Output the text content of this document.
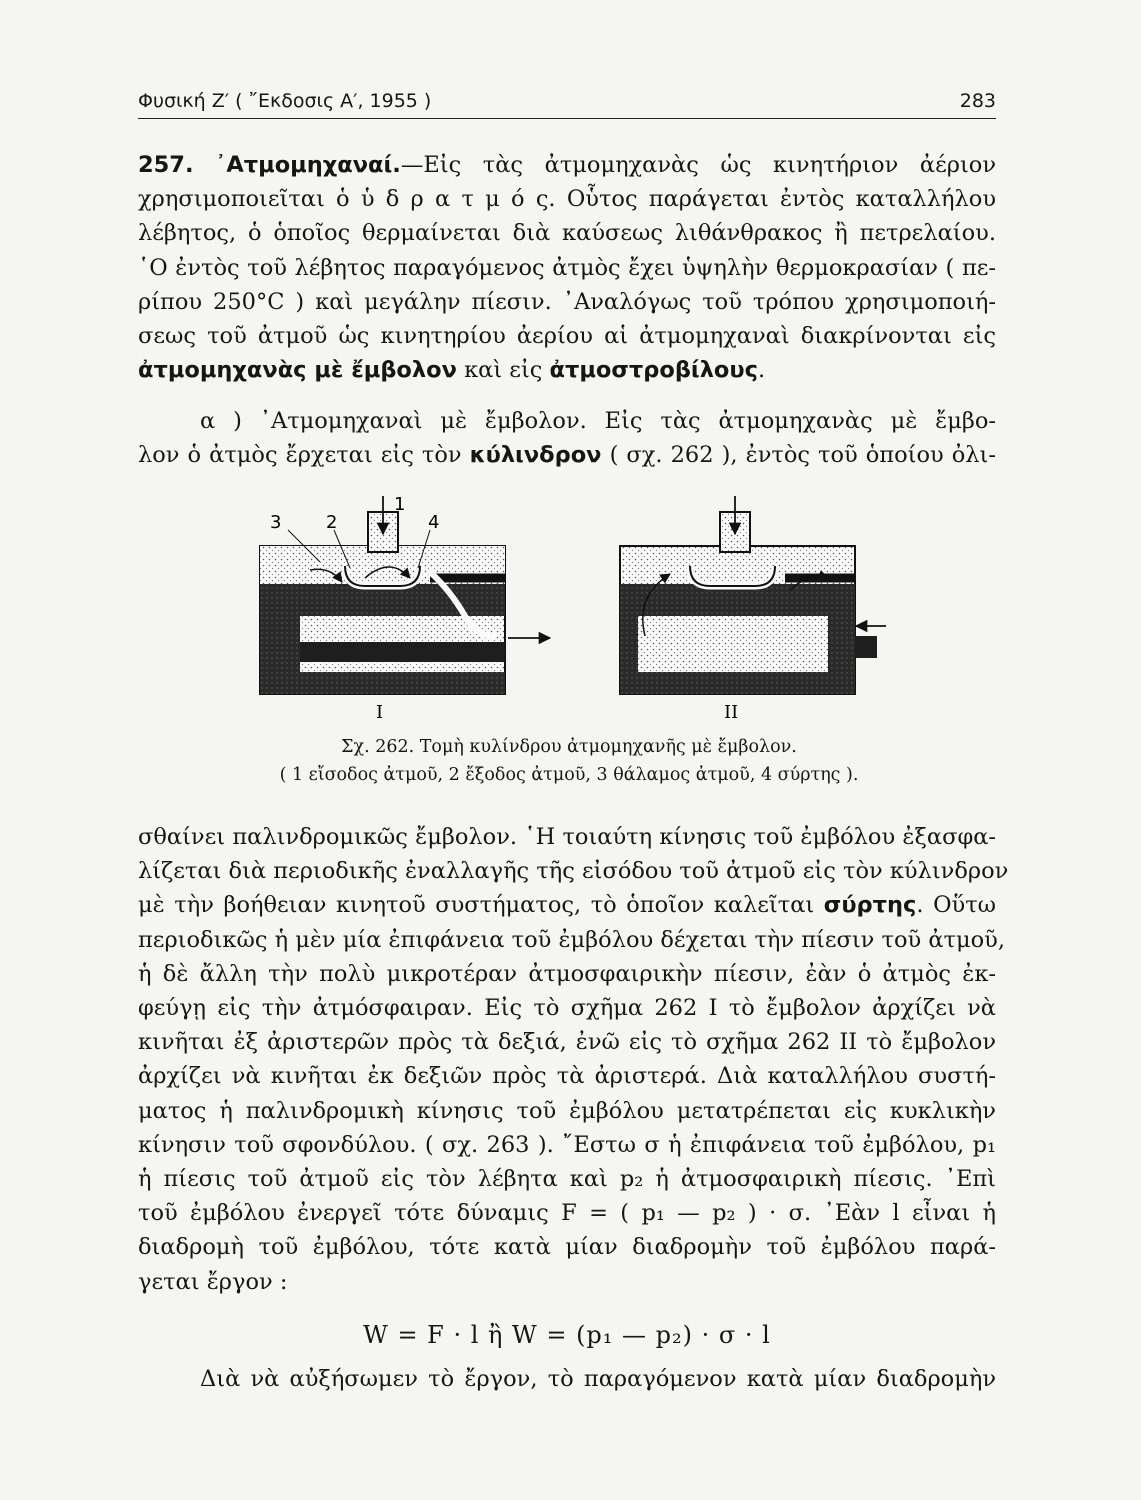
Φυσική Ζ′ ( ῎Εκδοσις Α′, 1955 )	283
257. ᾿Ατμομηχαναί.—Εἰς τὰς ἀτμομηχανὰς ὡς κινητήριον ἀέριον
χρησιμοποιεῖται ὁ ὑ δ ρ α τ μ ό ς. Οὗτος παράγεται ἐντὸς καταλλήλου
λέβητος, ὁ ὁποῖος θερμαίνεται διὰ καύσεως λιθάνθρακος ἢ πετρελαίου.
῾Ο ἐντὸς τοῦ λέβητος παραγόμενος ἀτμὸς ἔχει ὑψηλὴν θερμοκρασίαν ( πε-
ρίπου 250°C ) καὶ μεγάλην πίεσιν. ᾿Αναλόγως τοῦ τρόπου χρησιμοποιή-
σεως τοῦ ἀτμοῦ ὡς κινητηρίου ἀερίου αἱ ἀτμομηχαναὶ διακρίνονται εἰς
ἀτμομηχανὰς μὲ ἔμβολον καὶ εἰς ἀτμοστροβίλους.
α ) ᾿Ατμομηχαναὶ μὲ ἔμβολον. Εἰς τὰς ἀτμομηχανὰς μὲ ἔμβο-
λον ὁ ἀτμὸς ἔρχεται εἰς τὸν κύλινδρον ( σχ. 262 ), ἐντὸς τοῦ ὁποίου ὀλι-
1
2
3	4
I	II
Σχ. 262. Τομὴ κυλίνδρου ἀτμομηχανῆς μὲ ἔμβολον.
( 1 εἴσοδος ἀτμοῦ, 2 ἔξοδος ἀτμοῦ, 3 θάλαμος ἀτμοῦ, 4 σύρτης ).
σθαίνει παλινδρομικῶς ἔμβολον. ῾Η τοιαύτη κίνησις τοῦ ἐμβόλου ἐξασφα-
λίζεται διὰ περιοδικῆς ἐναλλαγῆς τῆς εἰσόδου τοῦ ἀτμοῦ εἰς τὸν κύλινδρον
μὲ τὴν βοήθειαν κινητοῦ συστήματος, τὸ ὁποῖον καλεῖται σύρτης. Οὕτω
περιοδικῶς ἡ μὲν μία ἐπιφάνεια τοῦ ἐμβόλου δέχεται τὴν πίεσιν τοῦ ἀτμοῦ,
ἡ δὲ ἄλλη τὴν πολὺ μικροτέραν ἀτμοσφαιρικὴν πίεσιν, ἐὰν ὁ ἀτμὸς ἐκ-
φεύγῃ εἰς τὴν ἀτμόσφαιραν. Εἰς τὸ σχῆμα 262 I τὸ ἔμβολον ἀρχίζει νὰ
κινῆται ἐξ ἀριστερῶν πρὸς τὰ δεξιά, ἐνῶ εἰς τὸ σχῆμα 262 II τὸ ἔμβολον
ἀρχίζει νὰ κινῆται ἐκ δεξιῶν πρὸς τὰ ἀριστερά. Διὰ καταλλήλου συστή-
ματος ἡ παλινδρομικὴ κίνησις τοῦ ἐμβόλου μετατρέπεται εἰς κυκλικὴν
κίνησιν τοῦ σφονδύλου. ( σχ. 263 ). ῎Εστω σ ἡ ἐπιφάνεια τοῦ ἐμβόλου, p₁
ἡ πίεσις τοῦ ἀτμοῦ εἰς τὸν λέβητα καὶ p₂ ἡ ἀτμοσφαιρικὴ πίεσις. ᾿Επὶ
τοῦ ἐμβόλου ἐνεργεῖ τότε δύναμις F = ( p₁ — p₂ ) · σ. ᾿Εὰν l εἶναι ἡ
διαδρομὴ τοῦ ἐμβόλου, τότε κατὰ μίαν διαδρομὴν τοῦ ἐμβόλου παρά-
γεται ἔργον :
W = F · l ἢ W = (p₁ — p₂) · σ · l
Διὰ νὰ αὐξήσωμεν τὸ ἔργον, τὸ παραγόμενον κατὰ μίαν διαδρομὴν
